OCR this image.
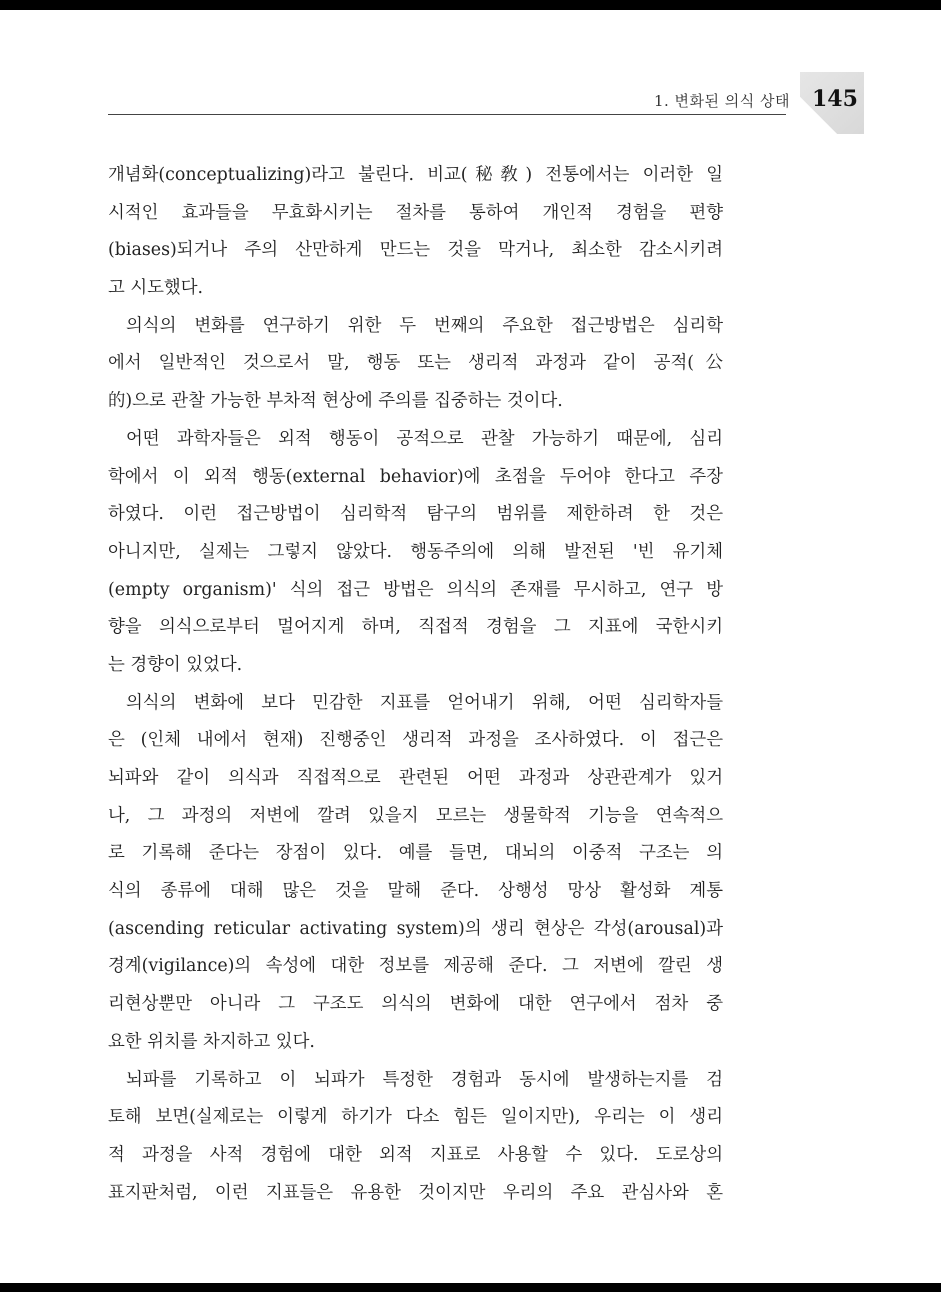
145
1. 변화된 의식 상태
개념화(conceptualizing)라고 불린다. 비교(秘敎) 전통에서는 이러한 일
시적인 효과들을 무효화시키는 절차를 통하여 개인적 경험을 편향
(biases)되거나 주의 산만하게 만드는 것을 막거나, 최소한 감소시키려
고 시도했다.
의식의 변화를 연구하기 위한 두 번째의 주요한 접근방법은 심리학
에서 일반적인 것으로서 말, 행동 또는 생리적 과정과 같이 공적(公
的)으로 관찰 가능한 부차적 현상에 주의를 집중하는 것이다.
어떤 과학자들은 외적 행동이 공적으로 관찰 가능하기 때문에, 심리
학에서 이 외적 행동(external behavior)에 초점을 두어야 한다고 주장
하였다. 이런 접근방법이 심리학적 탐구의 범위를 제한하려 한 것은
아니지만, 실제는 그렇지 않았다. 행동주의에 의해 발전된 '빈 유기체
(empty organism)' 식의 접근 방법은 의식의 존재를 무시하고, 연구 방
향을 의식으로부터 멀어지게 하며, 직접적 경험을 그 지표에 국한시키
는 경향이 있었다.
의식의 변화에 보다 민감한 지표를 얻어내기 위해, 어떤 심리학자들
은 (인체 내에서 현재) 진행중인 생리적 과정을 조사하였다. 이 접근은
뇌파와 같이 의식과 직접적으로 관련된 어떤 과정과 상관관계가 있거
나, 그 과정의 저변에 깔려 있을지 모르는 생물학적 기능을 연속적으
로 기록해 준다는 장점이 있다. 예를 들면, 대뇌의 이중적 구조는 의
식의 종류에 대해 많은 것을 말해 준다. 상행성 망상 활성화 계통
(ascending reticular activating system)의 생리 현상은 각성(arousal)과
경계(vigilance)의 속성에 대한 정보를 제공해 준다. 그 저변에 깔린 생
리현상뿐만 아니라 그 구조도 의식의 변화에 대한 연구에서 점차 중
요한 위치를 차지하고 있다.
뇌파를 기록하고 이 뇌파가 특정한 경험과 동시에 발생하는지를 검
토해 보면(실제로는 이렇게 하기가 다소 힘든 일이지만), 우리는 이 생리
적 과정을 사적 경험에 대한 외적 지표로 사용할 수 있다. 도로상의
표지판처럼, 이런 지표들은 유용한 것이지만 우리의 주요 관심사와 혼
